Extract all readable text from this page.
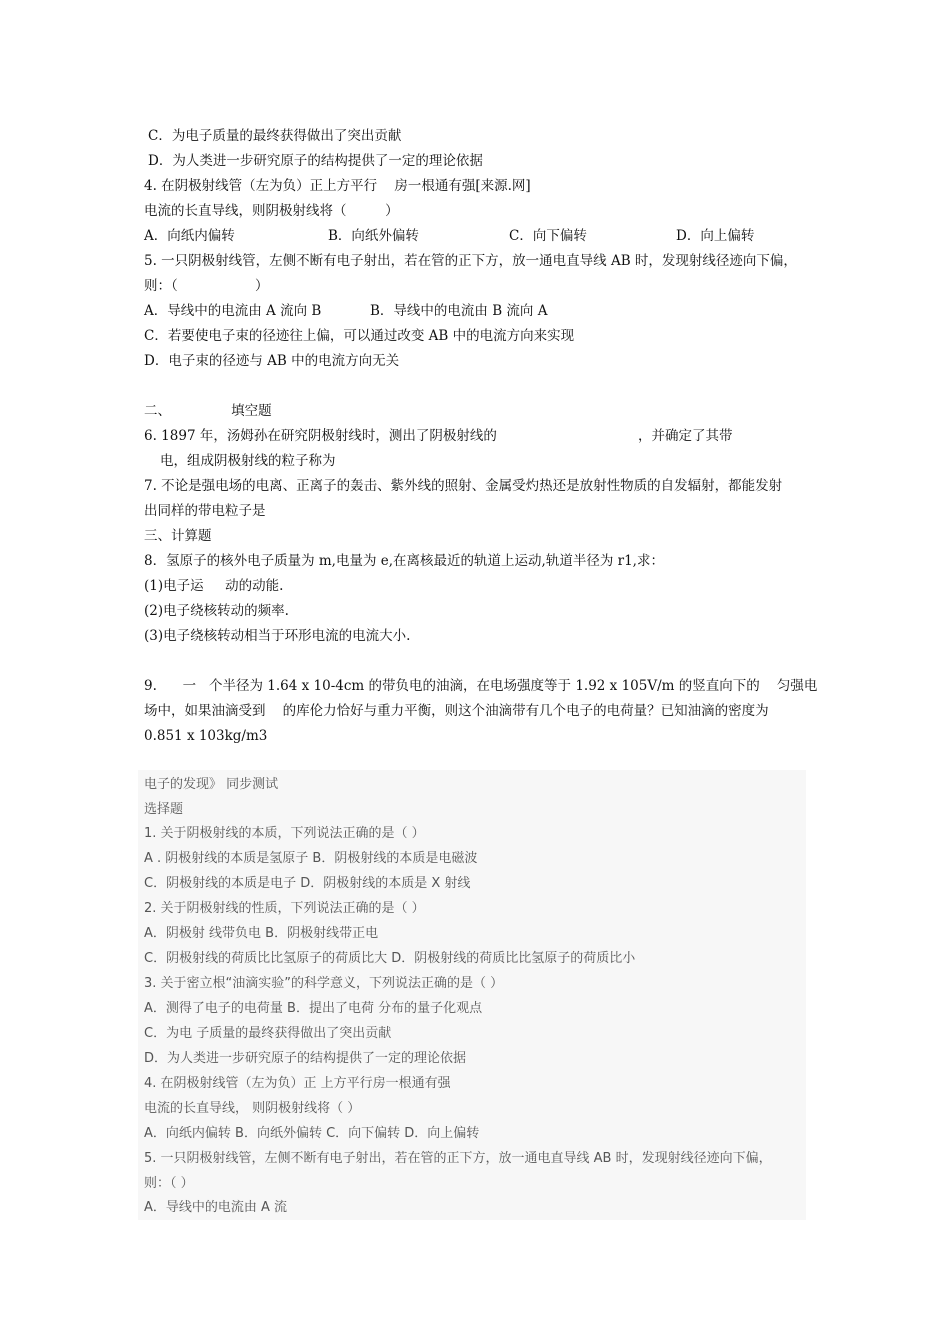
C．为电子质量的最终获得做出了突出贡献
D．为人类进一步研究原子的结构提供了一定的理论依据
4. 在阴极射线管（左为负）正上方平行    房一根通有强[来源.网]
电流的长直导线，则阴极射线将（         ）
A．向纸内偏转	B．向纸外偏转	C．向下偏转	D．向上偏转
5. 一只阴极射线管，左侧不断有电子射出，若在管的正下方，放一通电直导线 AB 时，发现射线径迹向下偏，
则：（                  ）
A．导线中的电流由 A 流向 B	B．导线中的电流由 B 流向 A
C．若要使电子束的径迹往上偏，可以通过改变 AB 中的电流方向来实现
D．电子束的径迹与 AB 中的电流方向无关
二、              填空题
6. 1897 年，汤姆孙在研究阴极射线时，测出了阴极射线的	，并确定了其带
电，组成阴极射线的粒子称为
7. 不论是强电场的电离、正离子的轰击、紫外线的照射、金属受灼热还是放射性物质的自发辐射，都能发射
出同样的带电粒子是
三、计算题
8．氢原子的核外电子质量为 m,电量为 e,在离核最近的轨道上运动,轨道半径为 r1,求：
(1)电子运     动的动能.
(2)电子绕核转动的频率.
(3)电子绕核转动相当于环形电流的电流大小.
9.      一   个半径为 1.64 x 10-4cm 的带负电的油滴，在电场强度等于 1.92 x 105V/m 的竖直向下的    匀强电
场中，如果油滴受到    的库伦力恰好与重力平衡，则这个油滴带有几个电子的电荷量？已知油滴的密度为
0.851 x 103kg/m3
电子的发现》 同步测试
选择题
1. 关于阴极射线的本质，下列说法正确的是（ ）
A . 阴极射线的本质是氢原子 B．阴极射线的本质是电磁波
C．阴极射线的本质是电子 D．阴极射线的本质是 X 射线
2. 关于阴极射线的性质，下列说法正确的是（ ）
A．阴极射 线带负电 B．阴极射线带正电
C．阴极射线的荷质比比氢原子的荷质比大 D．阴极射线的荷质比比氢原子的荷质比小
3. 关于密立根“油滴实验”的科学意义，下列说法正确的是（ ）
A．测得了电子的电荷量 B．提出了电荷 分布的量子化观点
C．为电 子质量的最终获得做出了突出贡献
D．为人类进一步研究原子的结构提供了一定的理论依据
4. 在阴极射线管（左为负）正 上方平行房一根通有强
电流的长直导线， 则阴极射线将（ ）
A．向纸内偏转 B．向纸外偏转 C．向下偏转 D．向上偏转
5. 一只阴极射线管，左侧不断有电子射出，若在管的正下方，放一通电直导线 AB 时，发现射线径迹向下偏，
则：（ ）
A．导线中的电流由 A 流
